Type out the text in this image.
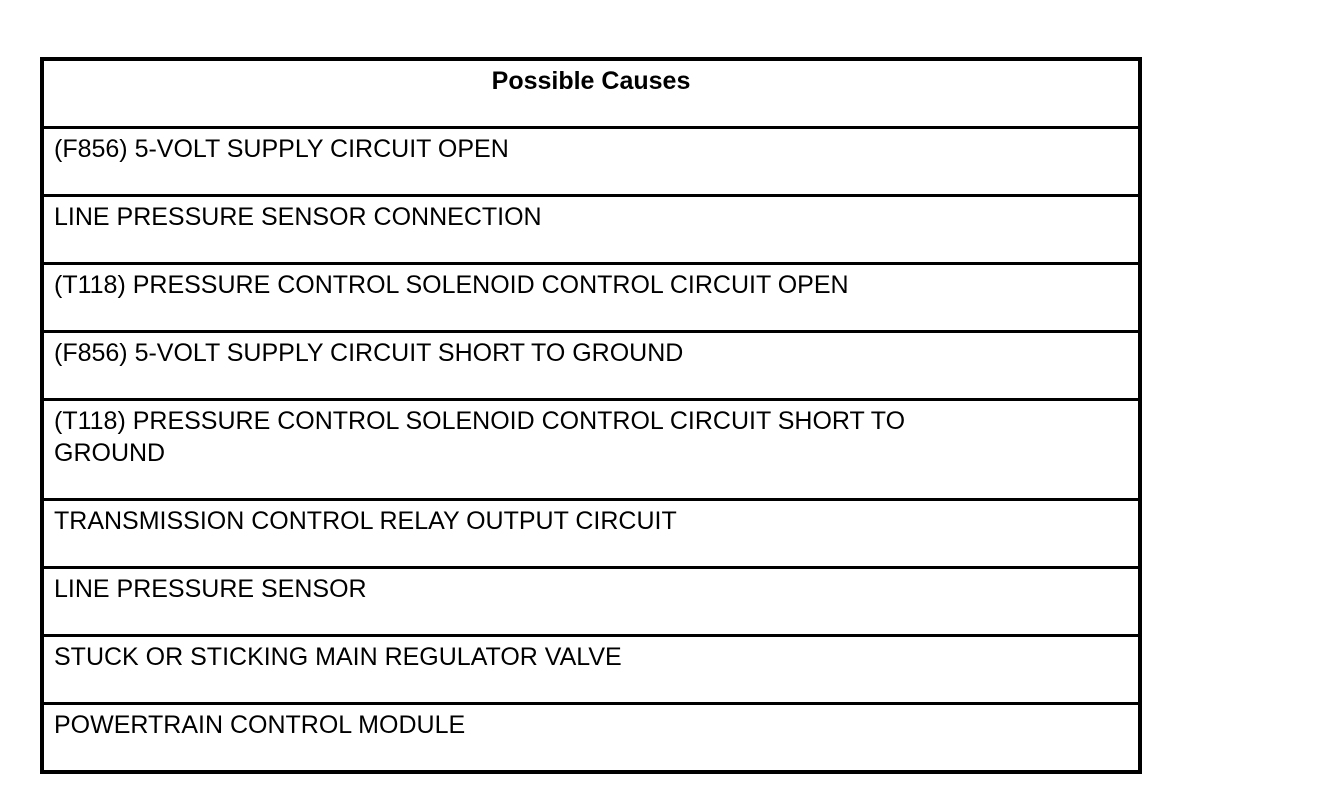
Possible Causes
(F856) 5-VOLT SUPPLY CIRCUIT OPEN
LINE PRESSURE SENSOR CONNECTION
(T118) PRESSURE CONTROL SOLENOID CONTROL CIRCUIT OPEN
(F856) 5-VOLT SUPPLY CIRCUIT SHORT TO GROUND
(T118) PRESSURE CONTROL SOLENOID CONTROL CIRCUIT SHORT TO GROUND
TRANSMISSION CONTROL RELAY OUTPUT CIRCUIT
LINE PRESSURE SENSOR
STUCK OR STICKING MAIN REGULATOR VALVE
POWERTRAIN CONTROL MODULE
